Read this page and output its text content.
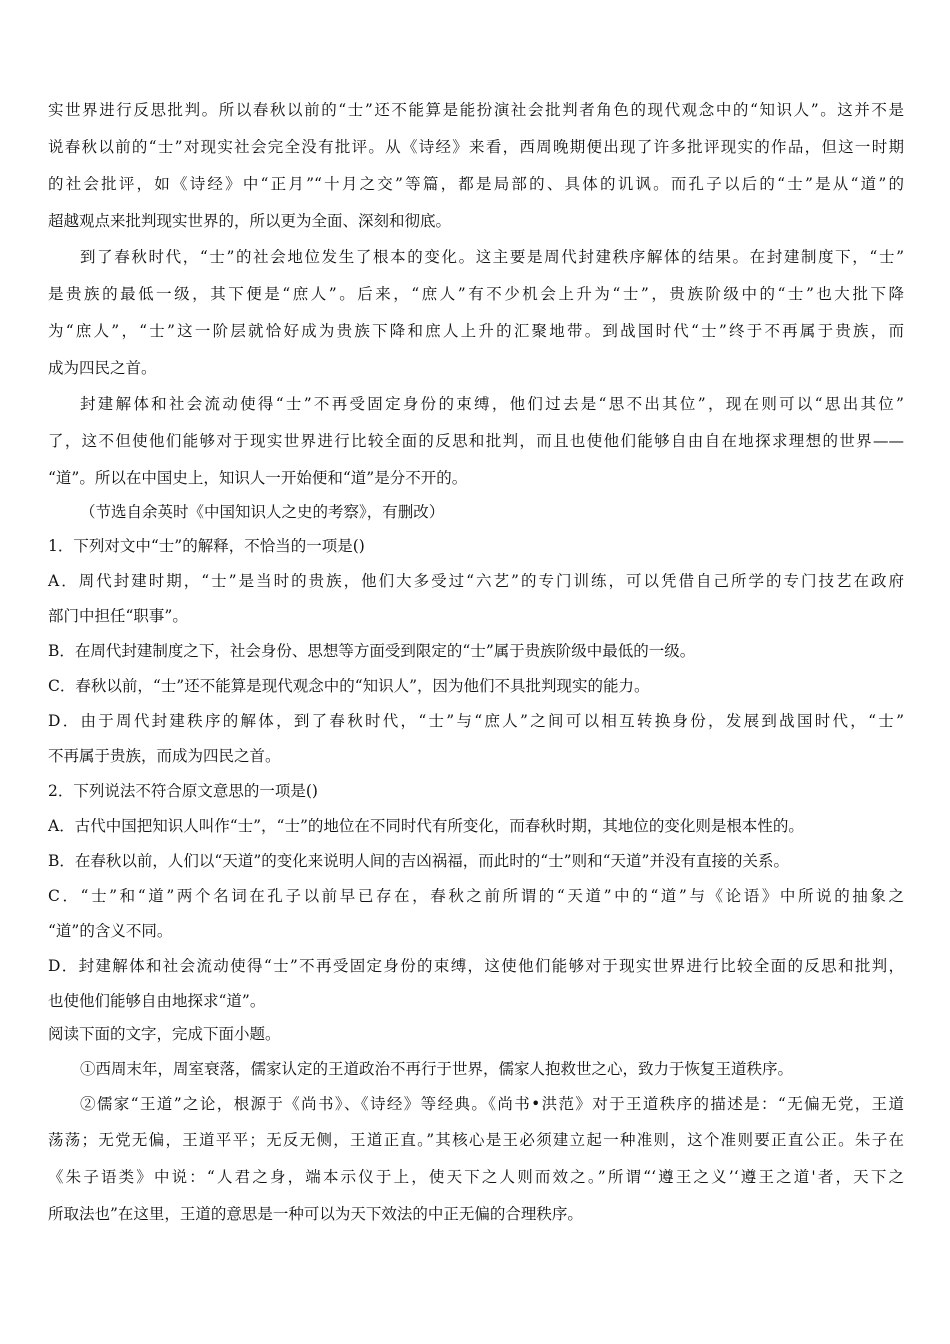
实世界进行反思批判。所以春秋以前的“士”还不能算是能扮演社会批判者角色的现代观念中的“知识人”。这并不是
说春秋以前的“士”对现实社会完全没有批评。从《诗经》来看，西周晚期便出现了许多批评现实的作品，但这一时期
的社会批评，如《诗经》中“正月”“十月之交”等篇，都是局部的、具体的讥讽。而孔子以后的“士”是从“道”的
超越观点来批判现实世界的，所以更为全面、深刻和彻底。
到了春秋时代，“士”的社会地位发生了根本的变化。这主要是周代封建秩序解体的结果。在封建制度下，“士”
是贵族的最低一级，其下便是“庶人”。后来，“庶人”有不少机会上升为“士”，贵族阶级中的“士”也大批下降
为“庶人”，“士”这一阶层就恰好成为贵族下降和庶人上升的汇聚地带。到战国时代“士”终于不再属于贵族，而
成为四民之首。
封建解体和社会流动使得“士”不再受固定身份的束缚，他们过去是“思不出其位”，现在则可以“思出其位”
了，这不但使他们能够对于现实世界进行比较全面的反思和批判，而且也使他们能够自由自在地探求理想的世界——
“道”。所以在中国史上，知识人一开始便和“道”是分不开的。
（节选自余英时《中国知识人之史的考察》，有删改）
1．下列对文中“士”的解释，不恰当的一项是()
A．周代封建时期，“士”是当时的贵族，他们大多受过“六艺”的专门训练，可以凭借自己所学的专门技艺在政府
部门中担任“职事”。
B．在周代封建制度之下，社会身份、思想等方面受到限定的“士”属于贵族阶级中最低的一级。
C．春秋以前，“士”还不能算是现代观念中的“知识人”，因为他们不具批判现实的能力。
D．由于周代封建秩序的解体，到了春秋时代，“士”与“庶人”之间可以相互转换身份，发展到战国时代，“士”
不再属于贵族，而成为四民之首。
2．下列说法不符合原文意思的一项是()
A．古代中国把知识人叫作“士”，“士”的地位在不同时代有所变化，而春秋时期，其地位的变化则是根本性的。
B．在春秋以前，人们以“天道”的变化来说明人间的吉凶祸福，而此时的“士”则和“天道”并没有直接的关系。
C．“士”和“道”两个名词在孔子以前早已存在，春秋之前所谓的“天道”中的“道”与《论语》中所说的抽象之
“道”的含义不同。
D．封建解体和社会流动使得“士”不再受固定身份的束缚，这使他们能够对于现实世界进行比较全面的反思和批判，
也使他们能够自由地探求“道”。
阅读下面的文字，完成下面小题。
①西周末年，周室衰落，儒家认定的王道政治不再行于世界，儒家人抱救世之心，致力于恢复王道秩序。
②儒家“王道”之论，根源于《尚书》、《诗经》等经典。《尚书•洪范》对于王道秩序的描述是：“无偏无党，王道
荡荡；无党无偏，王道平平；无反无侧，王道正直。”其核心是王必须建立起一种准则，这个准则要正直公正。朱子在
《朱子语类》中说：“人君之身，端本示仪于上，使天下之人则而效之。”所谓“‘遵王之义’‘遵王之道'者，天下之
所取法也”在这里，王道的意思是一种可以为天下效法的中正无偏的合理秩序。
